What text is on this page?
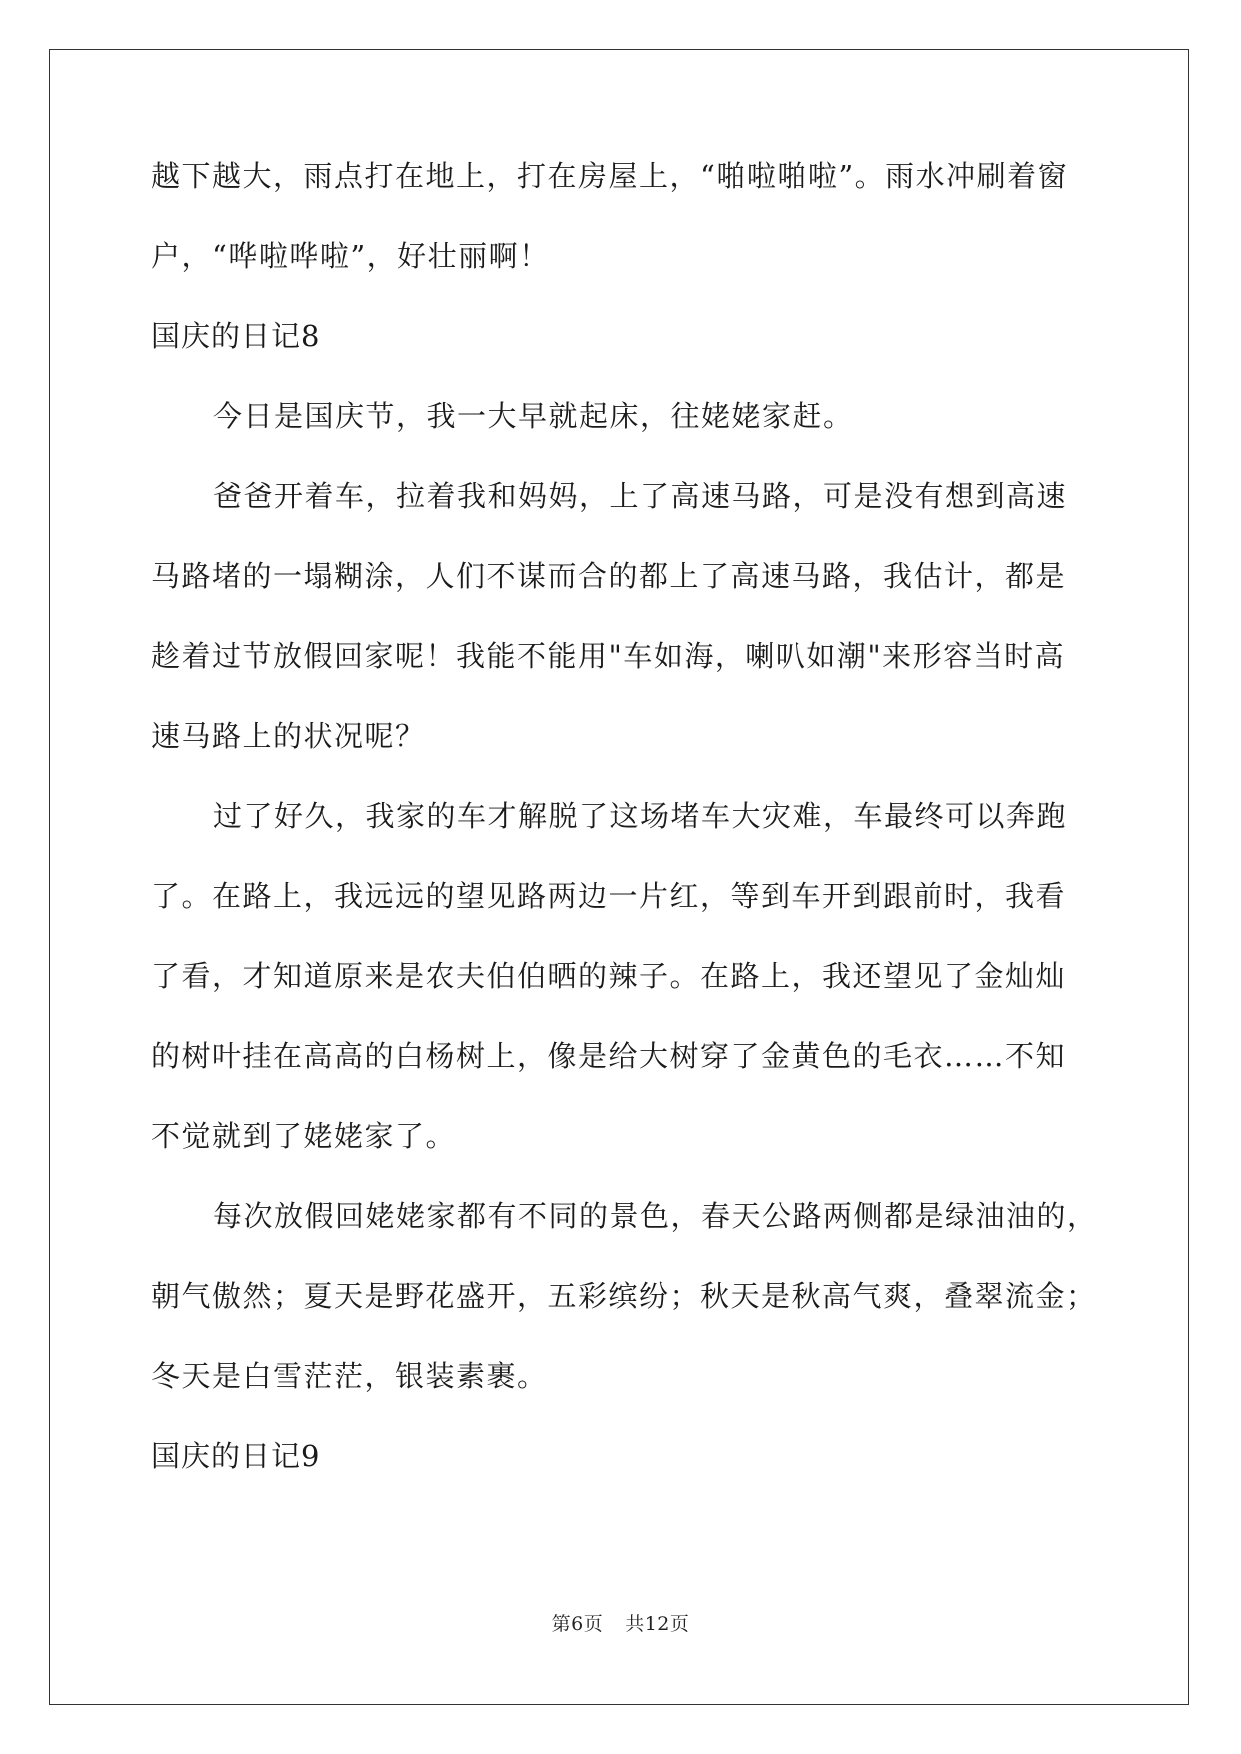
越下越大，雨点打在地上，打在房屋上，“啪啦啪啦”。雨水冲刷着窗
户，“哗啦哗啦”，好壮丽啊！
国庆的日记8
今日是国庆节，我一大早就起床，往姥姥家赶。
爸爸开着车，拉着我和妈妈，上了高速马路，可是没有想到高速
马路堵的一塌糊涂，人们不谋而合的都上了高速马路，我估计，都是
趁着过节放假回家呢！我能不能用"车如海，喇叭如潮"来形容当时高
速马路上的状况呢？
过了好久，我家的车才解脱了这场堵车大灾难，车最终可以奔跑
了。在路上，我远远的望见路两边一片红，等到车开到跟前时，我看
了看，才知道原来是农夫伯伯晒的辣子。在路上，我还望见了金灿灿
的树叶挂在高高的白杨树上，像是给大树穿了金黄色的毛衣……不知
不觉就到了姥姥家了。
每次放假回姥姥家都有不同的景色，春天公路两侧都是绿油油的，
朝气傲然；夏天是野花盛开，五彩缤纷；秋天是秋高气爽，叠翠流金；
冬天是白雪茫茫，银装素裹。
国庆的日记9
第6页 共12页
